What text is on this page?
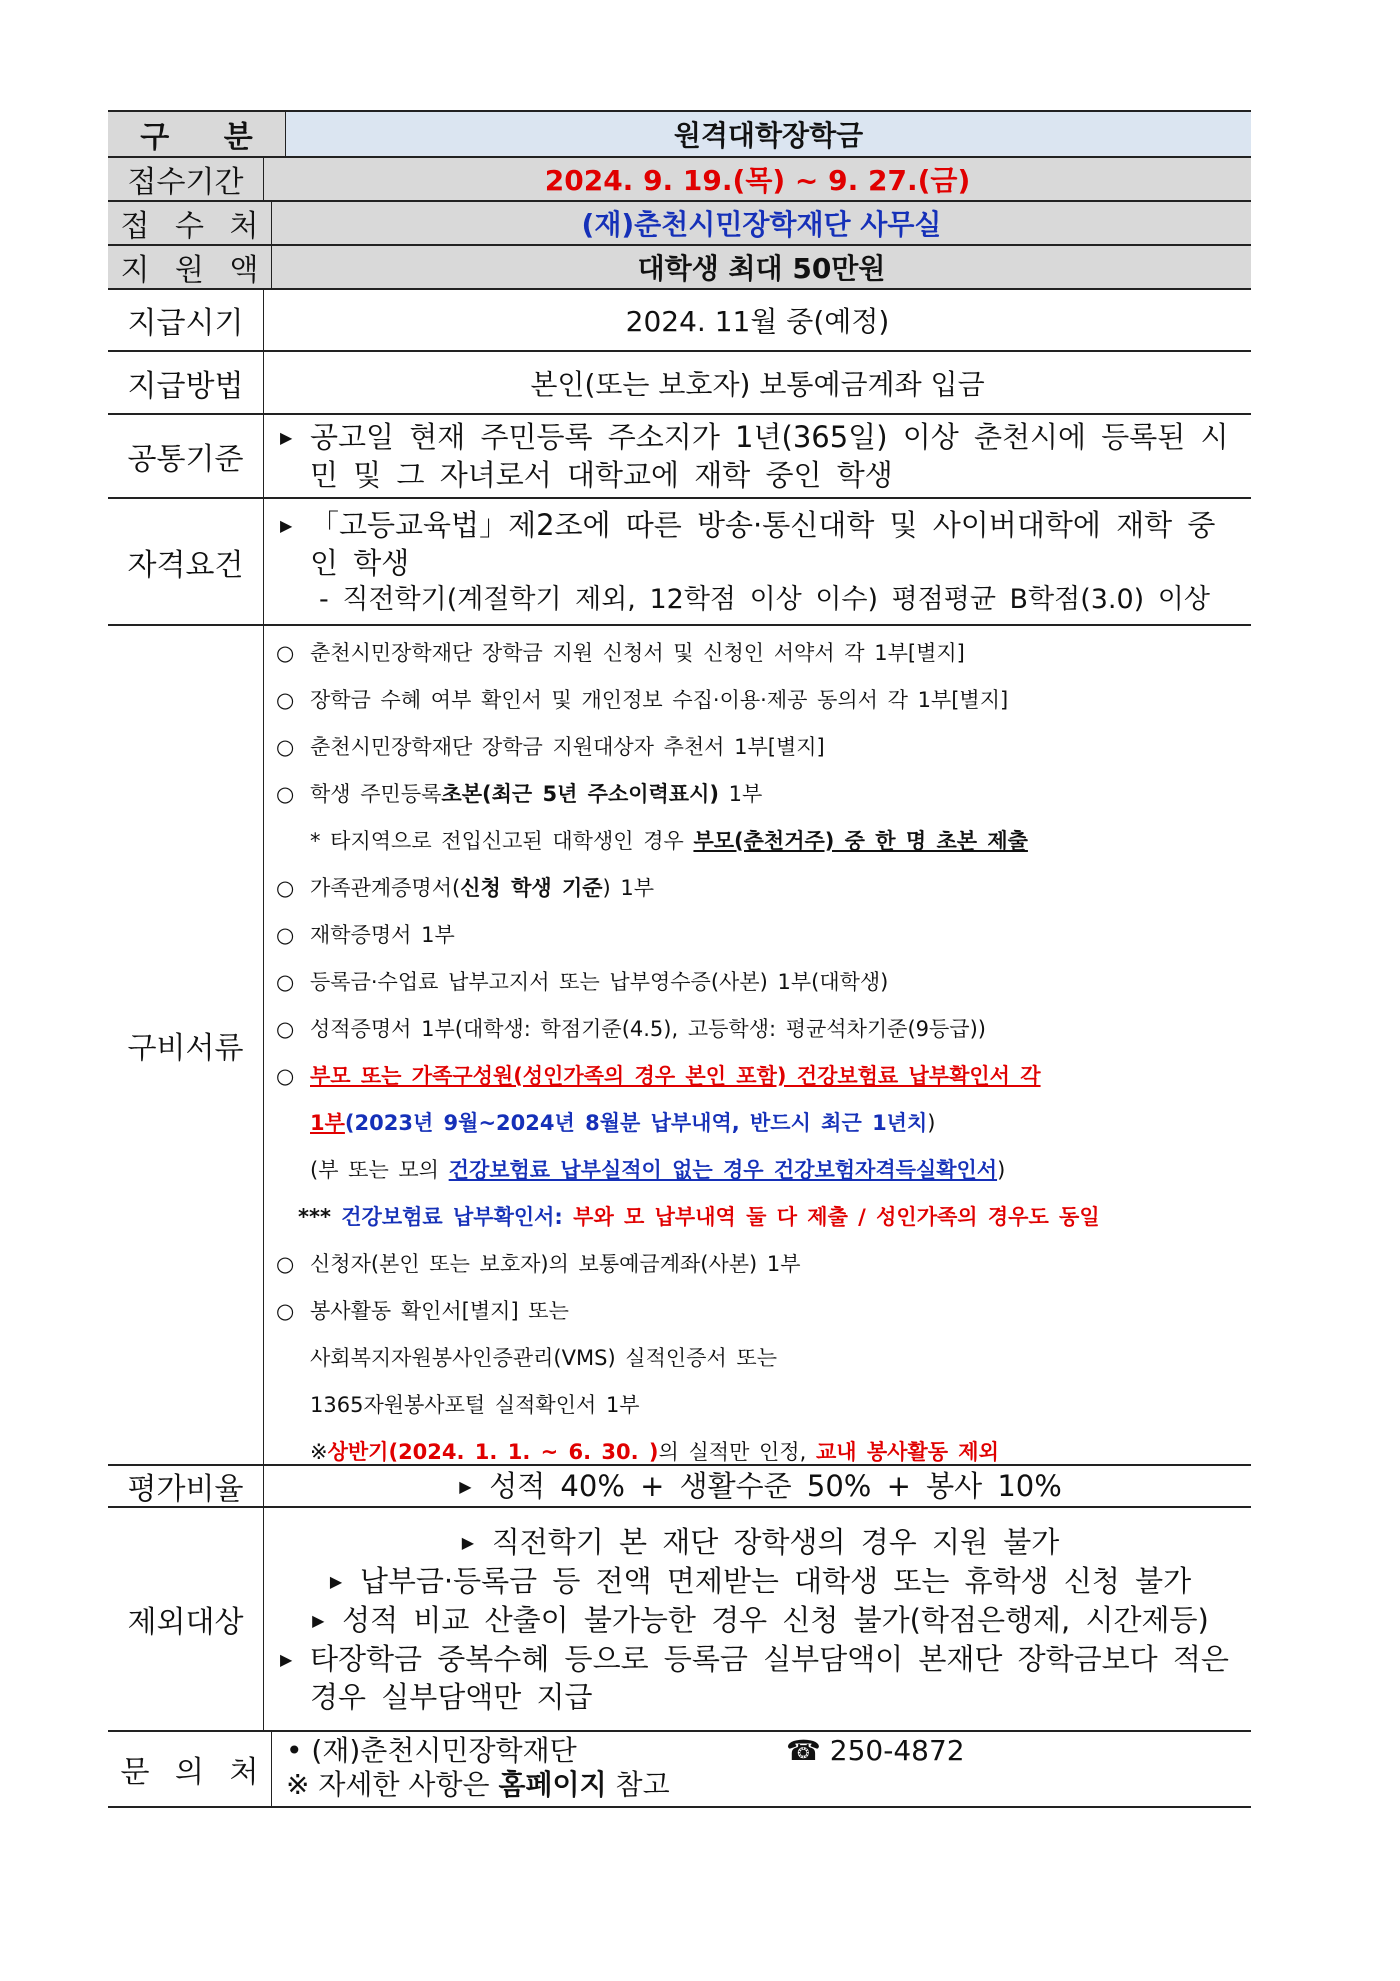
구 분	원격대학장학금
접수기간	2024. 9. 19.(목) ~ 9. 27.(금)
접 수 처	(재)춘천시민장학재단 사무실
지 원 액	대학생 최대 50만원
지급시기	2024. 11월 중(예정)
지급방법	본인(또는 보호자) 보통예금계좌 입금
공통기준
▶
공고일 현재 주민등록 주소지가 1년(365일) 이상 춘천시에 등록된 시민 및 그 자녀로서 대학교에 재학 중인 학생
자격요건
▶
「고등교육법」제2조에 따른 방송·통신대학 및 사이버대학에 재학 중인 학생
- 직전학기(계절학기 제외, 12학점 이상 이수) 평점평균 B학점(3.0) 이상
구비서류
○ 춘천시민장학재단 장학금 지원 신청서 및 신청인 서약서 각 1부[별지]
○ 장학금 수혜 여부 확인서 및 개인정보 수집·이용·제공 동의서 각 1부[별지]
○ 춘천시민장학재단 장학금 지원대상자 추천서 1부[별지]
○ 학생 주민등록초본(최근 5년 주소이력표시) 1부
* 타지역으로 전입신고된 대학생인 경우 부모(춘천거주) 중 한 명 초본 제출
○ 가족관계증명서(신청 학생 기준) 1부
○ 재학증명서 1부
○ 등록금·수업료 납부고지서 또는 납부영수증(사본) 1부(대학생)
○ 성적증명서 1부(대학생: 학점기준(4.5), 고등학생: 평균석차기준(9등급))
○ 부모 또는 가족구성원(성인가족의 경우 본인 포함) 건강보험료 납부확인서 각
1부(2023년 9월~2024년 8월분 납부내역, 반드시 최근 1년치)
(부 또는 모의 건강보험료 납부실적이 없는 경우 건강보험자격득실확인서)
*** 건강보험료 납부확인서: 부와 모 납부내역 둘 다 제출 / 성인가족의 경우도 동일
○ 신청자(본인 또는 보호자)의 보통예금계좌(사본) 1부
○ 봉사활동 확인서[별지] 또는
사회복지자원봉사인증관리(VMS) 실적인증서 또는
1365자원봉사포털 실적확인서 1부
※상반기(2024. 1. 1. ~ 6. 30. )의 실적만 인정, 교내 봉사활동 제외
평가비율
▶	성적 40% + 생활수준 50% + 봉사 10%
제외대상
▶
직전학기 본 재단 장학생의 경우 지원 불가
▶
납부금·등록금 등 전액 면제받는 대학생 또는 휴학생 신청 불가
▶
성적 비교 산출이 불가능한 경우 신청 불가(학점은행제, 시간제등)
▶
타장학금 중복수혜 등으로 등록금 실부담액이 본재단 장학금보다 적은 경우 실부담액만 지급
문 의 처
• (재)춘천시민장학재단	☎ 250-4872
※ 자세한 사항은 홈페이지 참고
